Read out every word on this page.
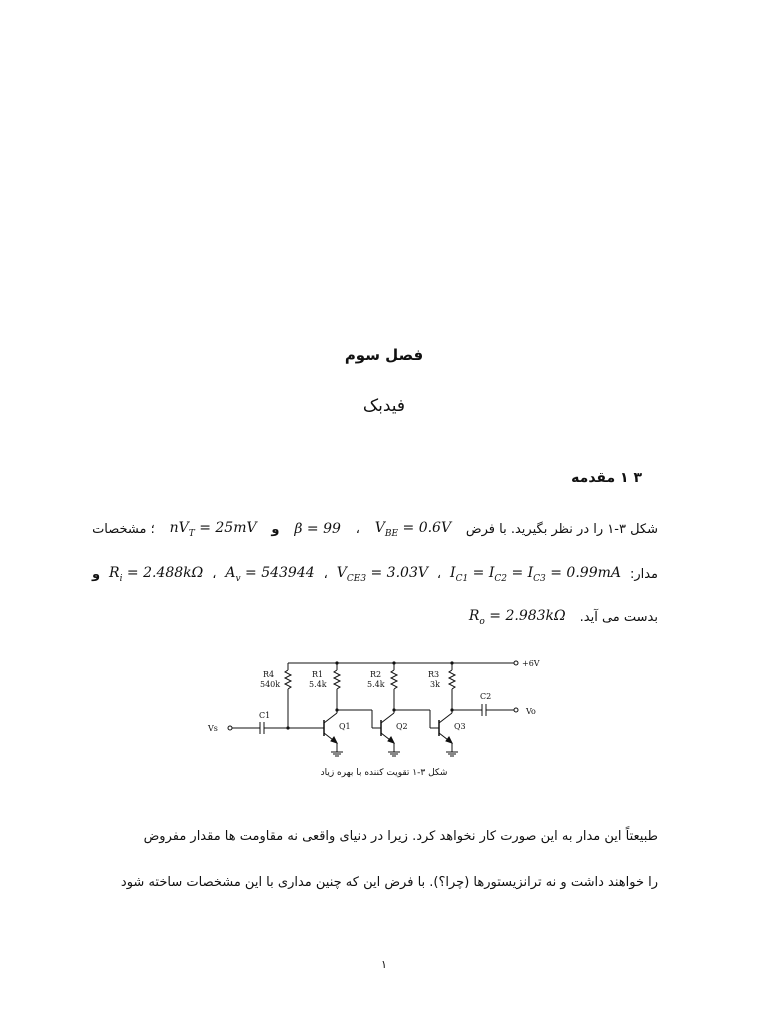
فصل سوم
فیدبک
۳ ۱ مقدمه
شکل ۳-۱ را در نظر بگیرید. با فرض
$V_{BE} = 0.6V$
،
β = 99
و
$nV_T = 25mV$
؛ مشخصات
مدار:
$I_{C1} = I_{C2} = I_{C3} = 0.99mA$
،
$V_{CE3} = 3.03V$
،
$A_v = 543944$
،
$R_i = 2.488k\Omega$
و
بدست می آید.
$R_o = 2.983k\Omega$
+6V
R4
540k
R1
5.4k
R2
5.4k
R3
3k
Vs
C1
Q1	Q2	Q3
C2
Vo
شکل ۳-۱ تقویت کننده با بهره زیاد
طبیعتاً این مدار به این صورت کار نخواهد کرد. زیرا در دنیای واقعی نه مقاومت ها مقدار مفروض
را خواهند داشت و نه ترانزیستورها (چرا؟). با فرض این که چنین مداری با این مشخصات ساخته شود
۱
